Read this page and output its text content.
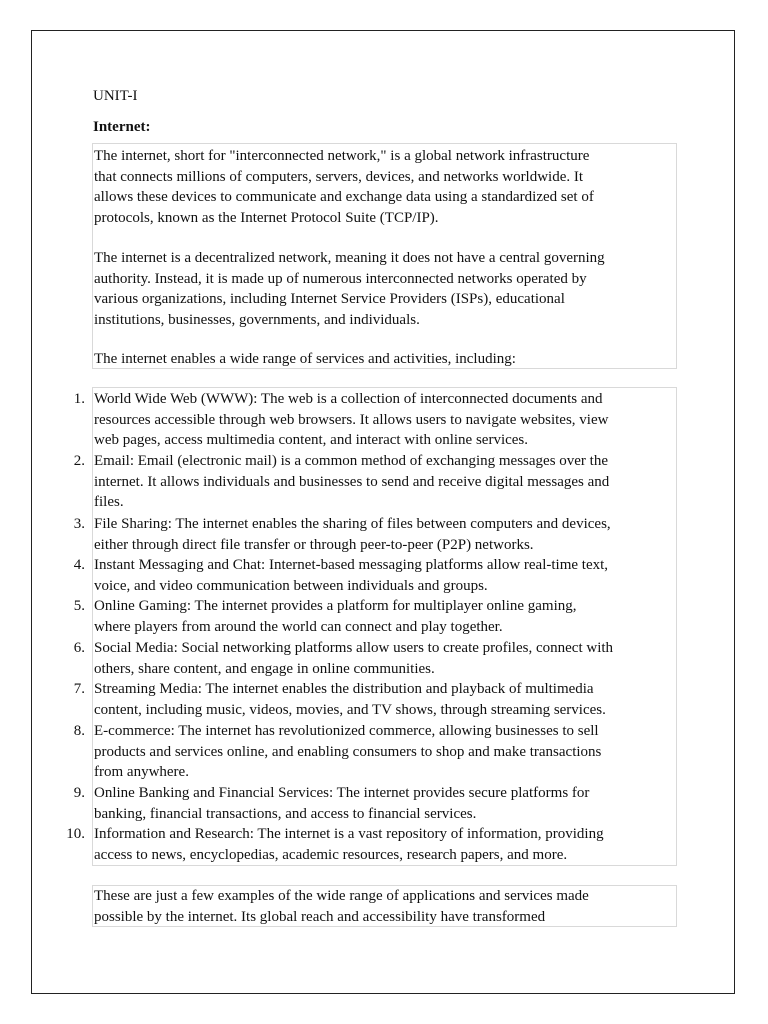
UNIT-I
Internet:

The internet, short for "interconnected network," is a global network infrastructure
that connects millions of computers, servers, devices, and networks worldwide. It
allows these devices to communicate and exchange data using a standardized set of
protocols, known as the Internet Protocol Suite (TCP/IP).

The internet is a decentralized network, meaning it does not have a central governing
authority. Instead, it is made up of numerous interconnected networks operated by
various organizations, including Internet Service Providers (ISPs), educational
institutions, businesses, governments, and individuals.

The internet enables a wide range of services and activities, including:

1. World Wide Web (WWW): The web is a collection of interconnected documents and
resources accessible through web browsers. It allows users to navigate websites, view
web pages, access multimedia content, and interact with online services.

2. Email: Email (electronic mail) is a common method of exchanging messages over the
internet. It allows individuals and businesses to send and receive digital messages and
files.

3. File Sharing: The internet enables the sharing of files between computers and devices,
either through direct file transfer or through peer-to-peer (P2P) networks.

4. Instant Messaging and Chat: Internet-based messaging platforms allow real-time text,
voice, and video communication between individuals and groups.

5. Online Gaming: The internet provides a platform for multiplayer online gaming,
where players from around the world can connect and play together.

6. Social Media: Social networking platforms allow users to create profiles, connect with
others, share content, and engage in online communities.

7. Streaming Media: The internet enables the distribution and playback of multimedia
content, including music, videos, movies, and TV shows, through streaming services.

8. E-commerce: The internet has revolutionized commerce, allowing businesses to sell
products and services online, and enabling consumers to shop and make transactions
from anywhere.

9. Online Banking and Financial Services: The internet provides secure platforms for
banking, financial transactions, and access to financial services.

10. Information and Research: The internet is a vast repository of information, providing
access to news, encyclopedias, academic resources, research papers, and more.

These are just a few examples of the wide range of applications and services made
possible by the internet. Its global reach and accessibility have transformed
